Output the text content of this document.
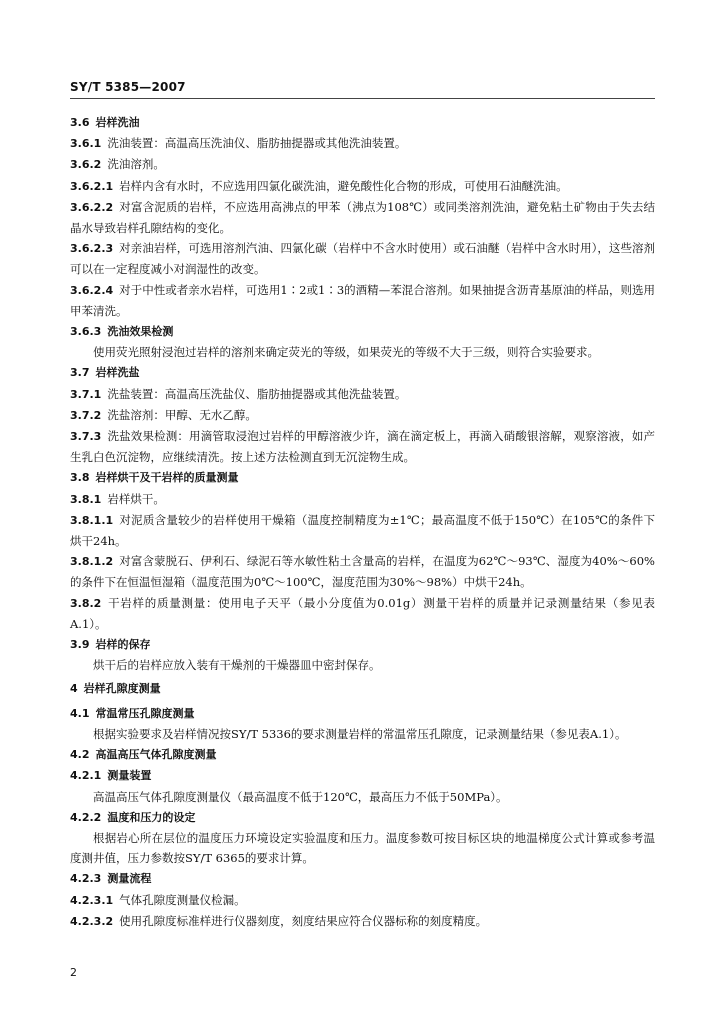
SY/T 5385—2007
3.6 岩样洗油
3.6.1 洗油装置：高温高压洗油仪、脂肪抽提器或其他洗油装置。
3.6.2 洗油溶剂。
3.6.2.1 岩样内含有水时，不应选用四氯化碳洗油，避免酸性化合物的形成，可使用石油醚洗油。
3.6.2.2 对富含泥质的岩样，不应选用高沸点的甲苯（沸点为108℃）或同类溶剂洗油，避免粘土矿物由于失去结晶水导致岩样孔隙结构的变化。
3.6.2.3 对亲油岩样，可选用溶剂汽油、四氯化碳（岩样中不含水时使用）或石油醚（岩样中含水时用），这些溶剂可以在一定程度减小对润湿性的改变。
3.6.2.4 对于中性或者亲水岩样，可选用1∶2或1∶3的酒精—苯混合溶剂。如果抽提含沥青基原油的样品，则选用甲苯清洗。
3.6.3 洗油效果检测
使用荧光照射浸泡过岩样的溶剂来确定荧光的等级，如果荧光的等级不大于三级，则符合实验要求。
3.7 岩样洗盐
3.7.1 洗盐装置：高温高压洗盐仪、脂肪抽提器或其他洗盐装置。
3.7.2 洗盐溶剂：甲醇、无水乙醇。
3.7.3 洗盐效果检测：用滴管取浸泡过岩样的甲醇溶液少许，滴在滴定板上，再滴入硝酸银溶解，观察溶液，如产生乳白色沉淀物，应继续清洗。按上述方法检测直到无沉淀物生成。
3.8 岩样烘干及干岩样的质量测量
3.8.1 岩样烘干。
3.8.1.1 对泥质含量较少的岩样使用干燥箱（温度控制精度为±1℃；最高温度不低于150℃）在105℃的条件下烘干24h。
3.8.1.2 对富含蒙脱石、伊利石、绿泥石等水敏性粘土含量高的岩样，在温度为62℃～93℃、湿度为40%～60%的条件下在恒温恒湿箱（温度范围为0℃～100℃，湿度范围为30%～98%）中烘干24h。
3.8.2 干岩样的质量测量：使用电子天平（最小分度值为0.01g）测量干岩样的质量并记录测量结果（参见表A.1）。
3.9 岩样的保存
烘干后的岩样应放入装有干燥剂的干燥器皿中密封保存。
4 岩样孔隙度测量
4.1 常温常压孔隙度测量
根据实验要求及岩样情况按SY/T 5336的要求测量岩样的常温常压孔隙度，记录测量结果（参见表A.1）。
4.2 高温高压气体孔隙度测量
4.2.1 测量装置
高温高压气体孔隙度测量仪（最高温度不低于120℃，最高压力不低于50MPa）。
4.2.2 温度和压力的设定
根据岩心所在层位的温度压力环境设定实验温度和压力。温度参数可按目标区块的地温梯度公式计算或参考温度测井值，压力参数按SY/T 6365的要求计算。
4.2.3 测量流程
4.2.3.1 气体孔隙度测量仪检漏。
4.2.3.2 使用孔隙度标准样进行仪器刻度，刻度结果应符合仪器标称的刻度精度。
2
